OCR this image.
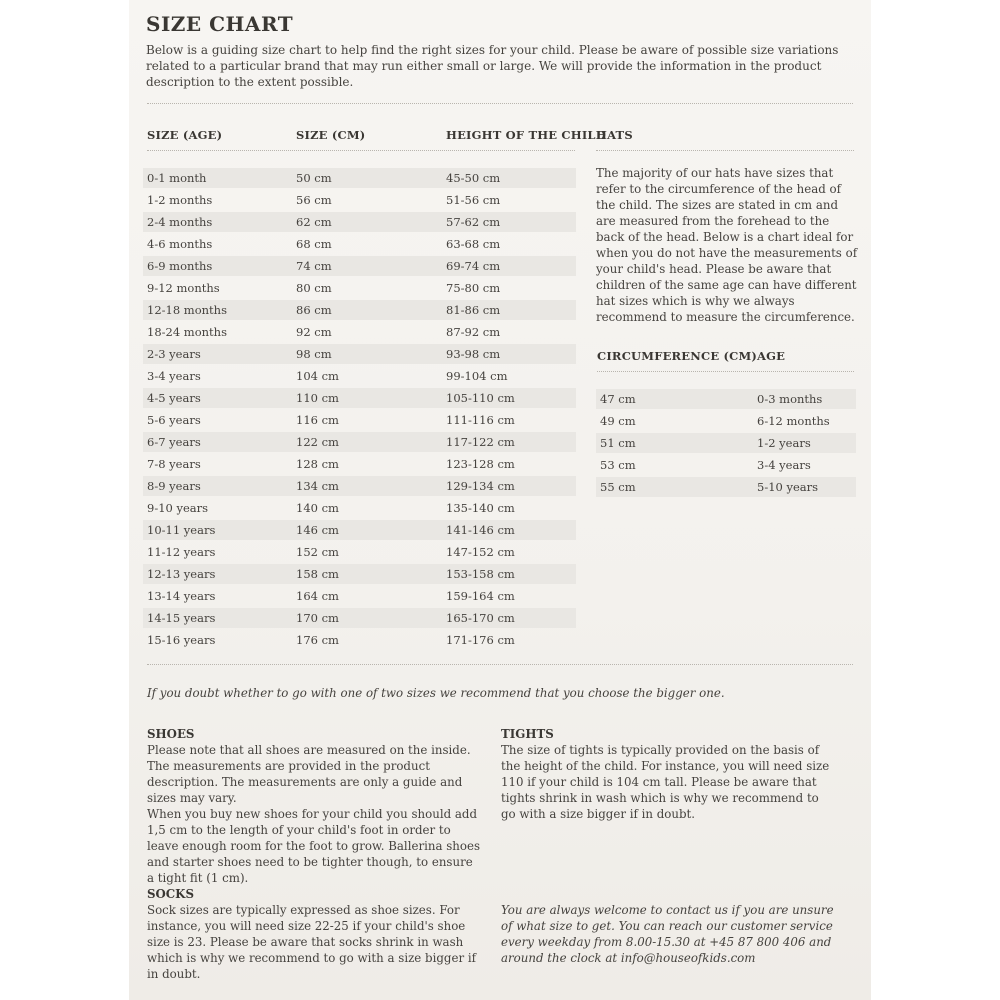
SIZE CHART
Below is a guiding size chart to help find the right sizes for your child. Please be aware of possible size variations related to a particular brand that may run either small or large. We will provide the information in the product description to the extent possible.
SIZE (AGE)	SIZE (CM)	HEIGHT OF THE CHILD
0-1 month	50 cm	45-50 cm
1-2 months	56 cm	51-56 cm
2-4 months	62 cm	57-62 cm
4-6 months	68 cm	63-68 cm
6-9 months	74 cm	69-74 cm
9-12 months	80 cm	75-80 cm
12-18 months	86 cm	81-86 cm
18-24 months	92 cm	87-92 cm
2-3 years	98 cm	93-98 cm
3-4 years	104 cm	99-104 cm
4-5 years	110 cm	105-110 cm
5-6 years	116 cm	111-116 cm
6-7 years	122 cm	117-122 cm
7-8 years	128 cm	123-128 cm
8-9 years	134 cm	129-134 cm
9-10 years	140 cm	135-140 cm
10-11 years	146 cm	141-146 cm
11-12 years	152 cm	147-152 cm
12-13 years	158 cm	153-158 cm
13-14 years	164 cm	159-164 cm
14-15 years	170 cm	165-170 cm
15-16 years	176 cm	171-176 cm
HATS
The majority of our hats have sizes that refer to the circumference of the head of the child. The sizes are stated in cm and are measured from the forehead to the back of the head. Below is a chart ideal for when you do not have the measurements of your child's head. Please be aware that children of the same age can have different hat sizes which is why we always recommend to measure the circumference.
CIRCUMFERENCE (CM) AGE
47 cm	0-3 months
49 cm	6-12 months
51 cm	1-2 years
53 cm	3-4 years
55 cm	5-10 years
If you doubt whether to go with one of two sizes we recommend that you choose the bigger one.
SHOES
Please note that all shoes are measured on the inside. The measurements are provided in the product description. The measurements are only a guide and sizes may vary.
When you buy new shoes for your child you should add 1,5 cm to the length of your child's foot in order to leave enough room for the foot to grow. Ballerina shoes and starter shoes need to be tighter though, to ensure a tight fit (1 cm).
TIGHTS
The size of tights is typically provided on the basis of the height of the child. For instance, you will need size 110 if your child is 104 cm tall. Please be aware that tights shrink in wash which is why we recommend to go with a size bigger if in doubt.
SOCKS
Sock sizes are typically expressed as shoe sizes. For instance, you will need size 22-25 if your child's shoe size is 23. Please be aware that socks shrink in wash which is why we recommend to go with a size bigger if in doubt.
You are always welcome to contact us if you are unsure of what size to get. You can reach our customer service every weekday from 8.00-15.30 at +45 87 800 406 and around the clock at info@houseofkids.com
